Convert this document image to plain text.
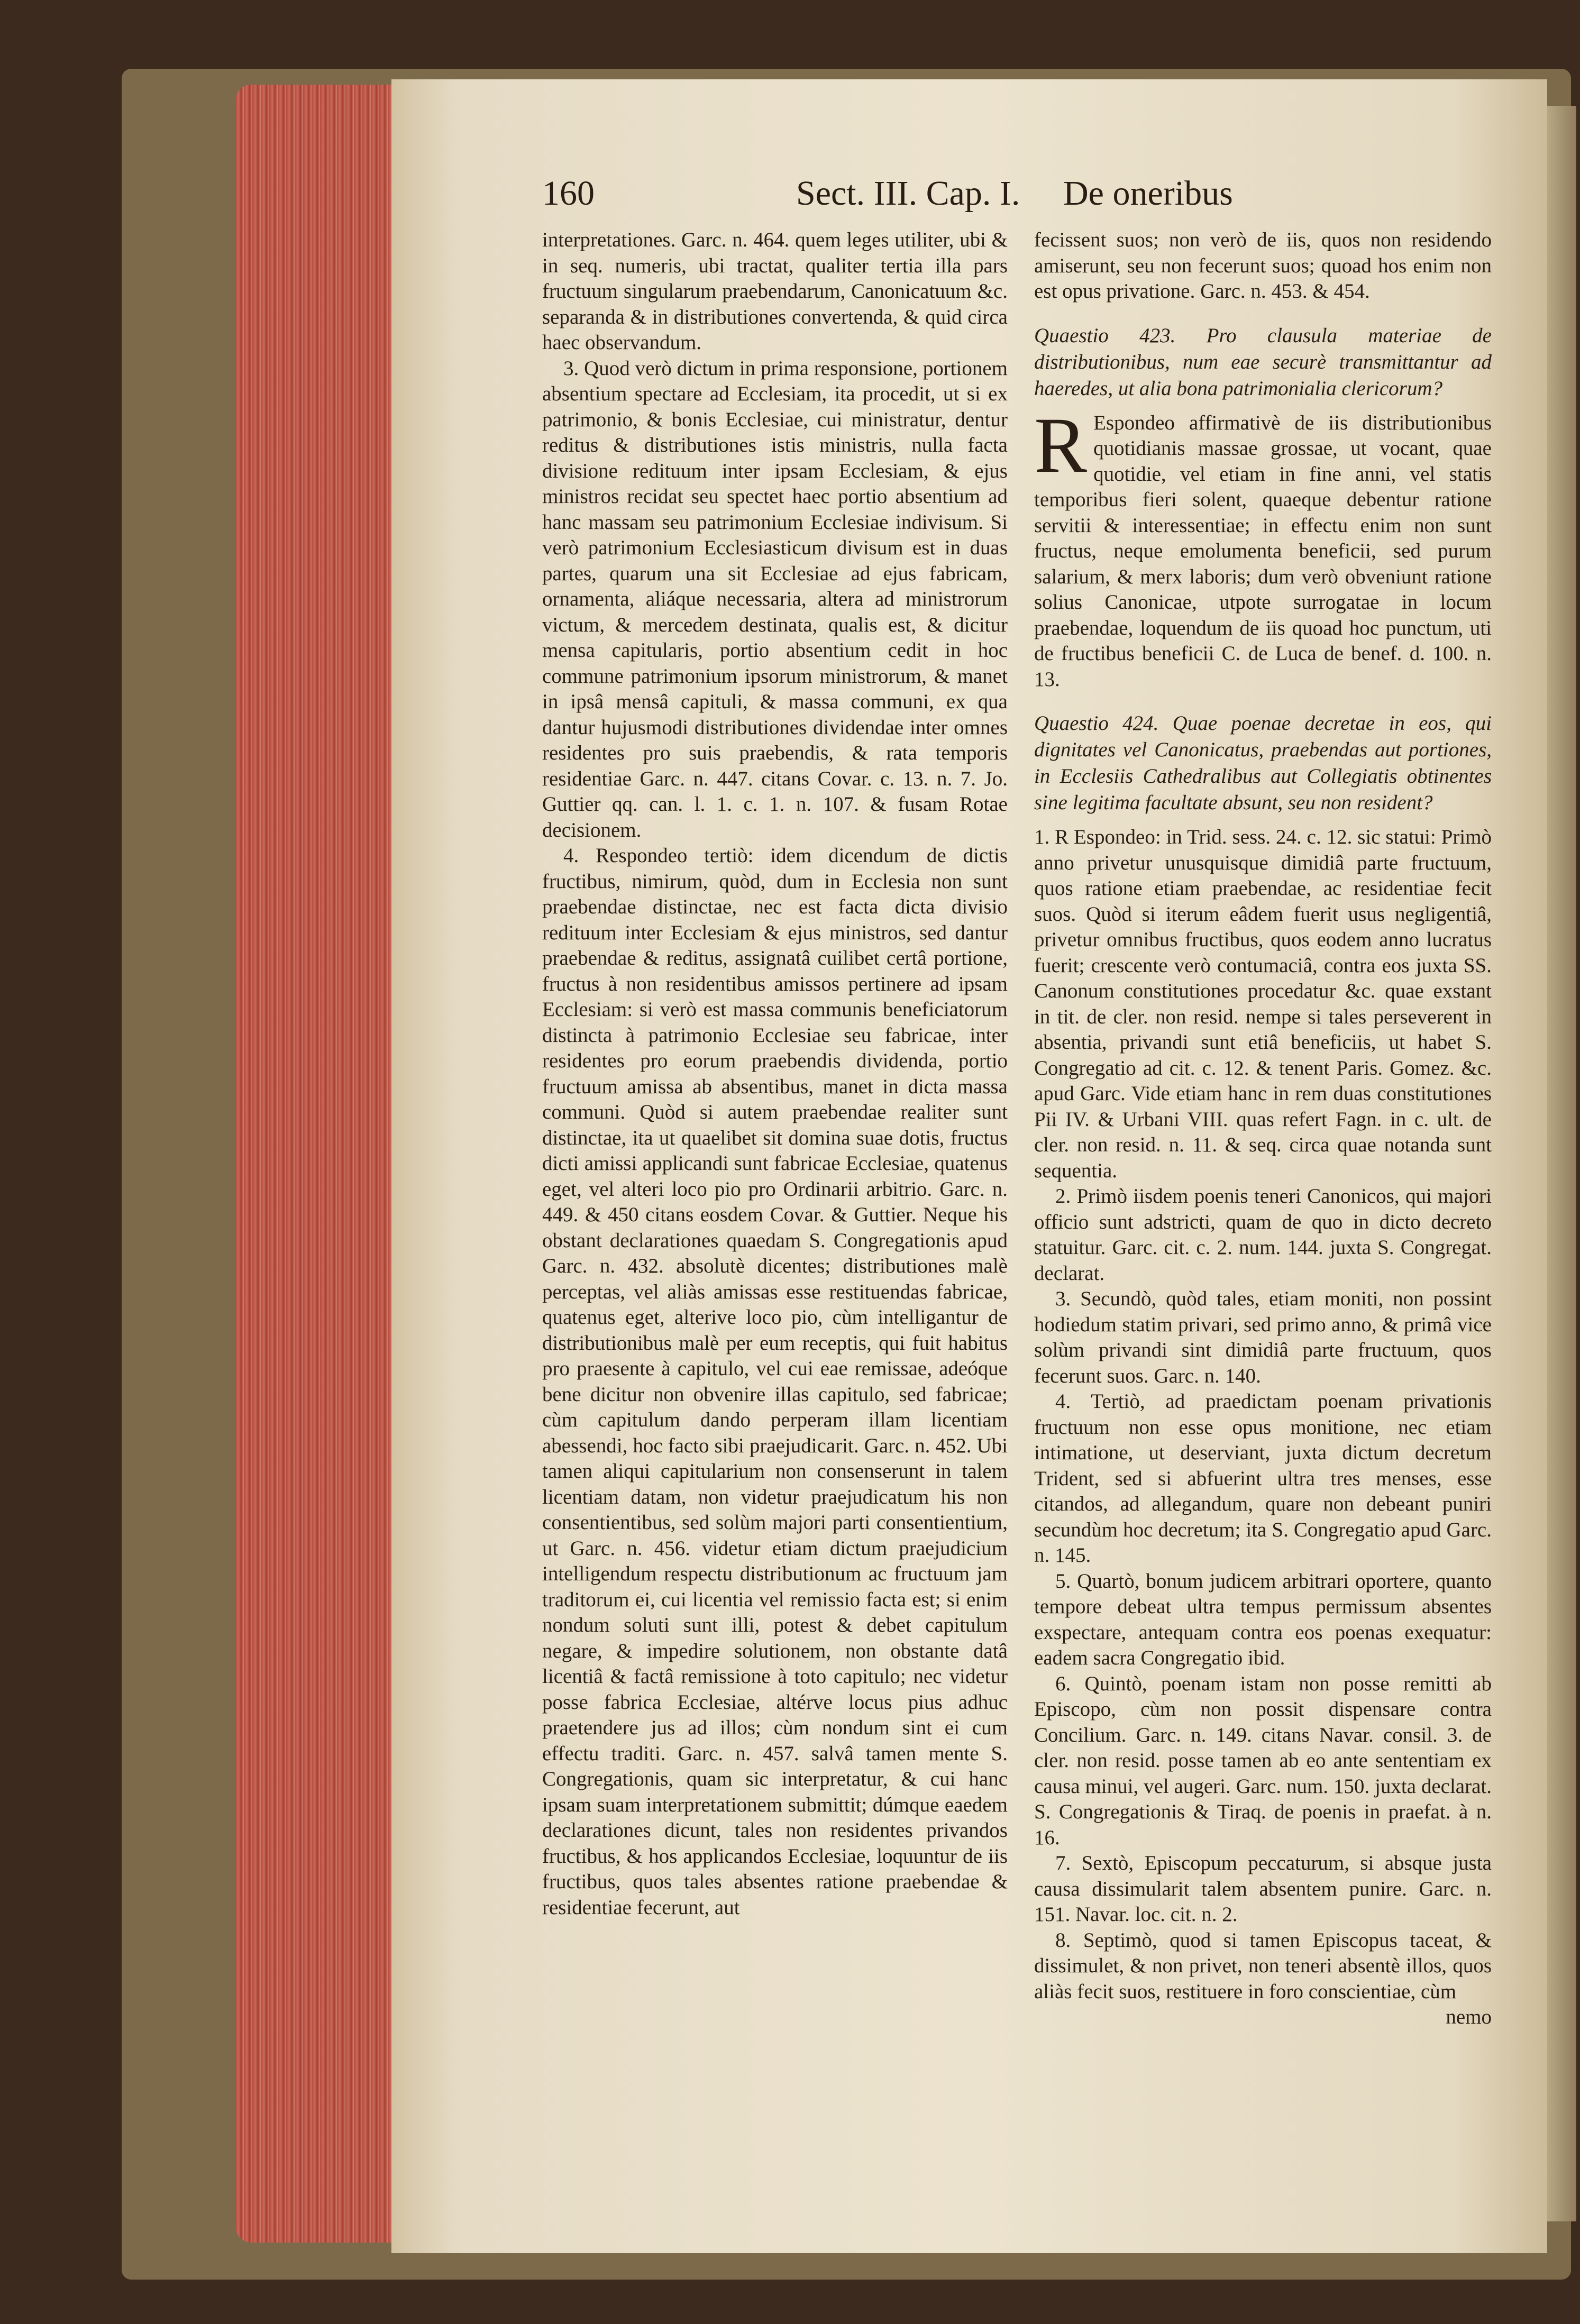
160	Sect. III. Cap. I. De oneribus

interpretationes. Garc. n. 464. quem leges utiliter, ubi & in seq. numeris, ubi tractat, qualiter tertia illa pars fructuum singularum praebendarum, Canonicatuum &c. separanda & in distributiones convertenda, & quid circa haec observandum.

3. Quod verò dictum in prima responsione, portionem absentium spectare ad Ecclesiam, ita procedit, ut si ex patrimonio, & bonis Ecclesiae, cui ministratur, dentur reditus & distributiones istis ministris, nulla facta divisione redituum inter ipsam Ecclesiam, & ejus ministros recidat seu spectet haec portio absentium ad hanc massam seu patrimonium Ecclesiae indivisum. Si verò patrimonium Ecclesiasticum divisum est in duas partes, quarum una sit Ecclesiae ad ejus fabricam, ornamenta, aliáque necessaria, altera ad ministrorum victum, & mercedem destinata, qualis est, & dicitur mensa capitularis, portio absentium cedit in hoc commune patrimonium ipsorum ministrorum, & manet in ipsâ mensâ capituli, & massa communi, ex qua dantur hujusmodi distributiones dividendae inter omnes residentes pro suis praebendis, & rata temporis residentiae Garc. n. 447. citans Covar. c. 13. n. 7. Jo. Guttier qq. can. l. 1. c. 1. n. 107. & fusam Rotae decisionem.

4. Respondeo tertiò: idem dicendum de dictis fructibus, nimirum, quòd, dum in Ecclesia non sunt praebendae distinctae, nec est facta dicta divisio redituum inter Ecclesiam & ejus ministros, sed dantur praebendae & reditus, assignatâ cuilibet certâ portione, fructus à non residentibus amissos pertinere ad ipsam Ecclesiam: si verò est massa communis beneficiatorum distincta à patrimonio Ecclesiae seu fabricae, inter residentes pro eorum praebendis dividenda, portio fructuum amissa ab absentibus, manet in dicta massa communi. Quòd si autem praebendae realiter sunt distinctae, ita ut quaelibet sit domina suae dotis, fructus dicti amissi applicandi sunt fabricae Ecclesiae, quatenus eget, vel alteri loco pio pro Ordinarii arbitrio. Garc. n. 449. & 450 citans eosdem Covar. & Guttier. Neque his obstant declarationes quaedam S. Congregationis apud Garc. n. 432. absolutè dicentes; distributiones malè perceptas, vel aliàs amissas esse restituendas fabricae, quatenus eget, alterive loco pio, cùm intelligantur de distributionibus malè per eum receptis, qui fuit habitus pro praesente à capitulo, vel cui eae remissae, adeóque bene dicitur non obvenire illas capitulo, sed fabricae; cùm capitulum dando perperam illam licentiam abessendi, hoc facto sibi praejudicarit. Garc. n. 452. Ubi tamen aliqui capitularium non consenserunt in talem licentiam datam, non videtur praejudicatum his non consentientibus, sed solùm majori parti consentientium, ut Garc. n. 456. videtur etiam dictum praejudicium intelligendum respectu distributionum ac fructuum jam traditorum ei, cui licentia vel remissio facta est; si enim nondum soluti sunt illi, potest & debet capitulum negare, & impedire solutionem, non obstante datâ licentiâ & factâ remissione à toto capitulo; nec videtur posse fabrica Ecclesiae, altérve locus pius adhuc praetendere jus ad illos; cùm nondum sint ei cum effectu traditi. Garc. n. 457. salvâ tamen mente S. Congregationis, quam sic interpretatur, & cui hanc ipsam suam interpretationem submittit; dúmque eaedem declarationes dicunt, tales non residentes privandos fructibus, & hos applicandos Ecclesiae, loquuntur de iis fructibus, quos tales absentes ratione praebendae & residentiae fecerunt, aut

fecissent suos; non verò de iis, quos non residendo amiserunt, seu non fecerunt suos; quoad hos enim non est opus privatione. Garc. n. 453. & 454.

Quaestio 423. Pro clausula materiae de distributionibus, num eae securè transmittantur ad haeredes, ut alia bona patrimonialia clericorum?

R Espondeo affirmativè de iis distributionibus quotidianis massae grossae, ut vocant, quae quotidie, vel etiam in fine anni, vel statis temporibus fieri solent, quaeque debentur ratione servitii & interessentiae; in effectu enim non sunt fructus, neque emolumenta beneficii, sed purum salarium, & merx laboris; dum verò obveniunt ratione solius Canonicae, utpote surrogatae in locum praebendae, loquendum de iis quoad hoc punctum, uti de fructibus beneficii C. de Luca de benef. d. 100. n. 13.

Quaestio 424. Quae poenae decretae in eos, qui dignitates vel Canonicatus, praebendas aut portiones, in Ecclesiis Cathedralibus aut Collegiatis obtinentes sine legitima facultate absunt, seu non resident?

1. R Espondeo: in Trid. sess. 24. c. 12. sic statui: Primò anno privetur unusquisque dimidiâ parte fructuum, quos ratione etiam praebendae, ac residentiae fecit suos. Quòd si iterum eâdem fuerit usus negligentiâ, privetur omnibus fructibus, quos eodem anno lucratus fuerit; crescente verò contumaciâ, contra eos juxta SS. Canonum constitutiones procedatur &c. quae exstant in tit. de cler. non resid. nempe si tales perseverent in absentia, privandi sunt etiâ beneficiis, ut habet S. Congregatio ad cit. c. 12. & tenent Paris. Gomez. &c. apud Garc. Vide etiam hanc in rem duas constitutiones Pii IV. & Urbani VIII. quas refert Fagn. in c. ult. de cler. non resid. n. 11. & seq. circa quae notanda sunt sequentia.

2. Primò iisdem poenis teneri Canonicos, qui majori officio sunt adstricti, quam de quo in dicto decreto statuitur. Garc. cit. c. 2. num. 144. juxta S. Congregat. declarat.

3. Secundò, quòd tales, etiam moniti, non possint hodiedum statim privari, sed primo anno, & primâ vice solùm privandi sint dimidiâ parte fructuum, quos fecerunt suos. Garc. n. 140.

4. Tertiò, ad praedictam poenam privationis fructuum non esse opus monitione, nec etiam intimatione, ut deserviant, juxta dictum decretum Trident, sed si abfuerint ultra tres menses, esse citandos, ad allegandum, quare non debeant puniri secundùm hoc decretum; ita S. Congregatio apud Garc. n. 145.

5. Quartò, bonum judicem arbitrari oportere, quanto tempore debeat ultra tempus permissum absentes exspectare, antequam contra eos poenas exequatur: eadem sacra Congregatio ibid.

6. Quintò, poenam istam non posse remitti ab Episcopo, cùm non possit dispensare contra Concilium. Garc. n. 149. citans Navar. consil. 3. de cler. non resid. posse tamen ab eo ante sententiam ex causa minui, vel augeri. Garc. num. 150. juxta declarat. S. Congregationis & Tiraq. de poenis in praefat. à n. 16.

7. Sextò, Episcopum peccaturum, si absque justa causa dissimularit talem absentem punire. Garc. n. 151. Navar. loc. cit. n. 2.

8. Septimò, quod si tamen Episcopus taceat, & dissimulet, & non privet, non teneri absentè illos, quos aliàs fecit suos, restituere in foro conscientiae, cùm

nemo
